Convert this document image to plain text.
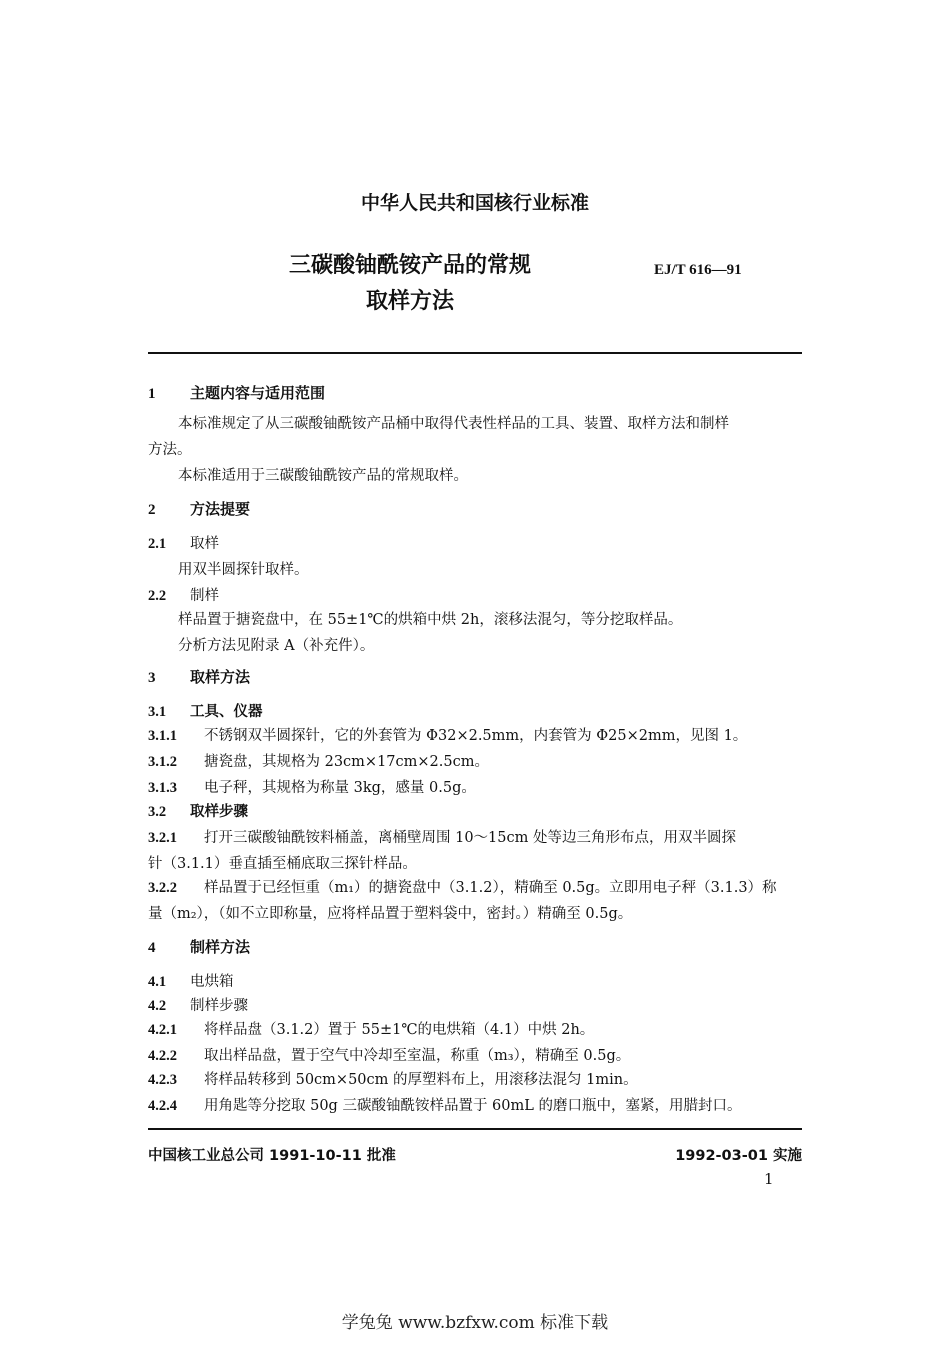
中华人民共和国核行业标准
三碳酸铀酰铵产品的常规
取样方法
EJ/T 616—91
1 主题内容与适用范围
本标准规定了从三碳酸铀酰铵产品桶中取得代表性样品的工具、装置、取样方法和制样
方法。
本标准适用于三碳酸铀酰铵产品的常规取样。
2 方法提要
2.1 取样
用双半圆探针取样。
2.2 制样
样品置于搪瓷盘中，在 55±1℃的烘箱中烘 2h，滚移法混匀，等分挖取样品。
分析方法见附录 A（补充件）。
3 取样方法
3.1 工具、仪器
3.1.1 不锈钢双半圆探针，它的外套管为 Φ32×2.5mm，内套管为 Φ25×2mm，见图 1。
3.1.2 搪瓷盘，其规格为 23cm×17cm×2.5cm。
3.1.3 电子秤，其规格为称量 3kg，感量 0.5g。
3.2 取样步骤
3.2.1 打开三碳酸铀酰铵料桶盖，离桶壁周围 10～15cm 处等边三角形布点，用双半圆探
针（3.1.1）垂直插至桶底取三探针样品。
3.2.2 样品置于已经恒重（m₁）的搪瓷盘中（3.1.2），精确至 0.5g。立即用电子秤（3.1.3）称
量（m₂），（如不立即称量，应将样品置于塑料袋中，密封。）精确至 0.5g。
4 制样方法
4.1 电烘箱
4.2 制样步骤
4.2.1 将样品盘（3.1.2）置于 55±1℃的电烘箱（4.1）中烘 2h。
4.2.2 取出样品盘，置于空气中冷却至室温，称重（m₃），精确至 0.5g。
4.2.3 将样品转移到 50cm×50cm 的厚塑料布上，用滚移法混匀 1min。
4.2.4 用角匙等分挖取 50g 三碳酸铀酰铵样品置于 60mL 的磨口瓶中，塞紧，用腊封口。
中国核工业总公司 1991-10-11 批准	1992-03-01 实施
1
学兔兔 www.bzfxw.com 标准下载
